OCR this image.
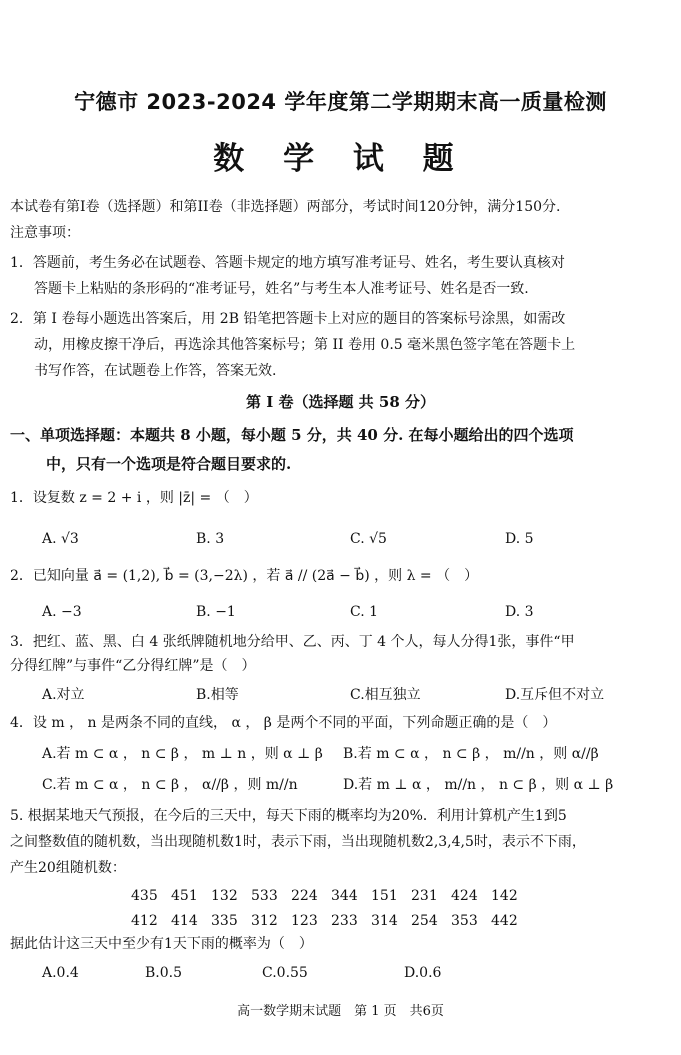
宁德市 2023-2024 学年度第二学期期末高一质量检测
数 学 试 题
本试卷有第I卷（选择题）和第II卷（非选择题）两部分，考试时间120分钟，满分150分.
注意事项：
1．答题前，考生务必在试题卷、答题卡规定的地方填写准考证号、姓名，考生要认真核对
答题卡上粘贴的条形码的“准考证号，姓名”与考生本人准考证号、姓名是否一致.
2．第 I 卷每小题选出答案后，用 2B 铅笔把答题卡上对应的题目的答案标号涂黑，如需改
动，用橡皮擦干净后，再选涂其他答案标号；第 II 卷用 0.5 毫米黑色签字笔在答题卡上
书写作答，在试题卷上作答，答案无效.
第 I 卷（选择题 共 58 分）
一、单项选择题：本题共 8 小题，每小题 5 分，共 40 分. 在每小题给出的四个选项
中，只有一个选项是符合题目要求的.
1．设复数 z = 2 + i ，则 |z̄| = （　）
A. √3	B. 3	C. √5	D. 5
2．已知向量 a⃗ = (1,2), b⃗ = (3,−2λ) ，若 a⃗ // (2a⃗ − b⃗) ，则 λ = （　）
A. −3	B. −1	C. 1	D. 3
3．把红、蓝、黑、白 4 张纸牌随机地分给甲、乙、丙、丁 4 个人，每人分得1张，事件“甲
分得红牌”与事件“乙分得红牌”是（　）
A.对立	B.相等	C.相互独立	D.互斥但不对立
4．设 m ， n 是两条不同的直线， α ， β 是两个不同的平面，下列命题正确的是（　）
A.若 m ⊂ α ， n ⊂ β ， m ⊥ n ，则 α ⊥ β B.若 m ⊂ α ， n ⊂ β ， m//n ，则 α//β
C.若 m ⊂ α ， n ⊂ β ， α//β ，则 m//n	D.若 m ⊥ α ， m//n ， n ⊂ β ，则 α ⊥ β
5. 根据某地天气预报，在今后的三天中，每天下雨的概率均为20%．利用计算机产生1到5
之间整数值的随机数，当出现随机数1时，表示下雨，当出现随机数2,3,4,5时，表示不下雨，
产生20组随机数：
435 451 132 533 224 344 151 231 424 142
412 414 335 312 123 233 314 254 353 442
据此估计这三天中至少有1天下雨的概率为（　）
A.0.4	B.0.5	C.0.55	D.0.6
高一数学期末试题　第 1 页　共6页
